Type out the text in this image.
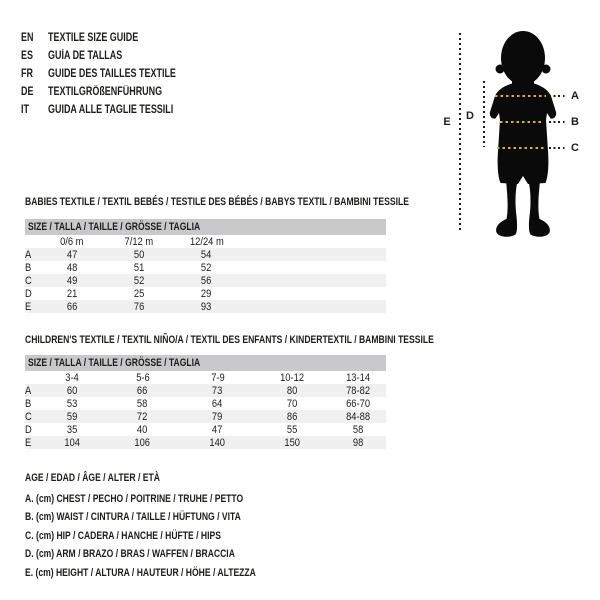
EN TEXTILE SIZE GUIDE
ES GUÍA DE TALLAS
FR GUIDE DES TAILLES TEXTILE
DE TEXTILGRÖßENFÜHRUNG
IT GUIDA ALLE TAGLIE TESSILI
A
B
C
D
E
BABIES TEXTILE / TEXTIL BEBÉS / TESTILE DES BÉBÉS / BABYS TEXTIL / BAMBINI TESSILE
SIZE / TALLA / TAILLE / GRÖSSE / TAGLIA				
	0/6 m	7/12 m	12/24 m	
A	47	50	54	
B	48	51	52	
C	49	52	56	
D	21	25	29	
E	66	76	93	
CHILDREN'S TEXTILE / TEXTIL NIÑO/A / TEXTIL DES ENFANTS / KINDERTEXTIL / BAMBINI TESSILE
SIZE / TALLA / TAILLE / GRÖSSE / TAGLIA					
	3-4	5-6	7-9	10-12	13-14
A	60	66	73	80	78-82
B	53	58	64	70	66-70
C	59	72	79	86	84-88
D	35	40	47	55	58
E	104	106	140	150	98
AGE / EDAD / ÂGE / ALTER / ETÀ
A. (cm) CHEST / PECHO / POITRINE / TRUHE / PETTO
B. (cm) WAIST / CINTURA / TAILLE / HÜFTUNG / VITA
C. (cm) HIP / CADERA / HANCHE / HÜFTE / HIPS
D. (cm) ARM / BRAZO / BRAS / WAFFEN / BRACCIA
E. (cm) HEIGHT / ALTURA / HAUTEUR / HÖHE / ALTEZZA
